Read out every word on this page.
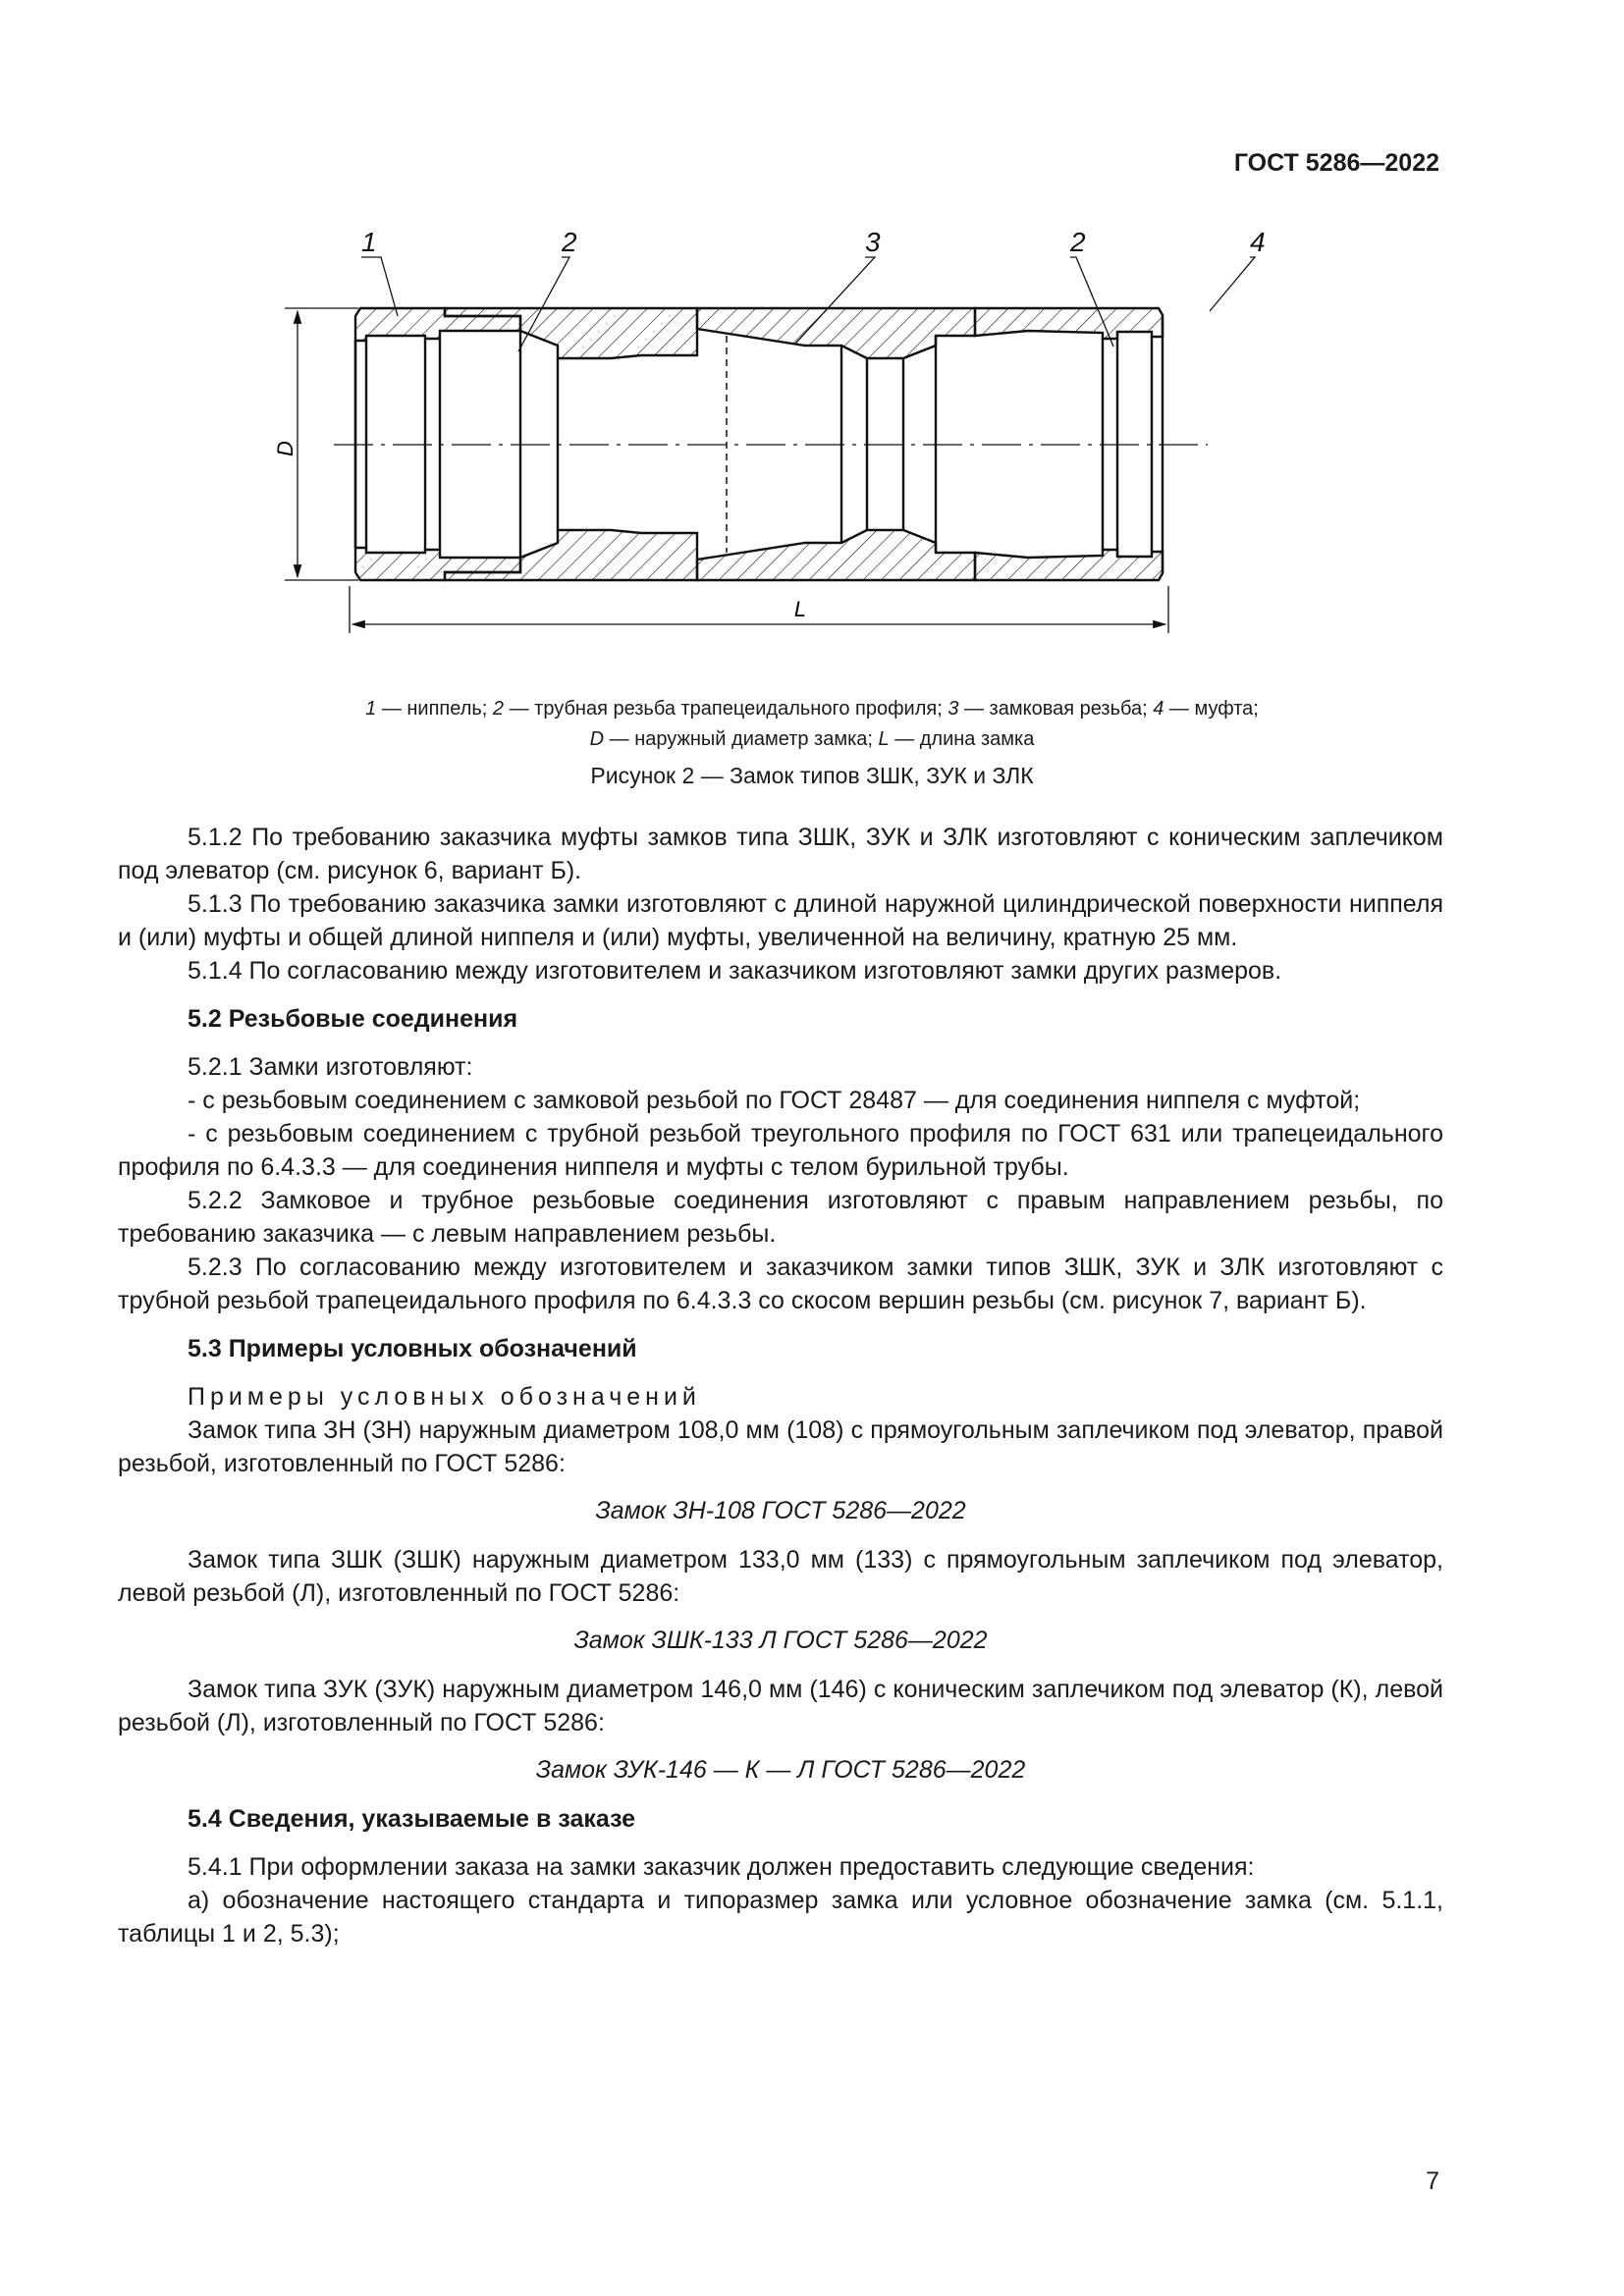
ГОСТ 5286—2022
D
L
1	2	3	2	4
1 — ниппель; 2 — трубная резьба трапецеидального профиля; 3 — замковая резьба; 4 — муфта;
D — наружный диаметр замка; L — длина замка
Рисунок 2 — Замок типов ЗШК, ЗУК и ЗЛК

5.1.2 По требованию заказчика муфты замков типа ЗШК, ЗУК и ЗЛК изготовляют с коническим заплечиком под элеватор (см. рисунок 6, вариант Б).

5.1.3 По требованию заказчика замки изготовляют с длиной наружной цилиндрической поверхности ниппеля и (или) муфты и общей длиной ниппеля и (или) муфты, увеличенной на величину, кратную 25 мм.

5.1.4 По согласованию между изготовителем и заказчиком изготовляют замки других размеров.

5.2 Резьбовые соединения

5.2.1 Замки изготовляют:

- с резьбовым соединением с замковой резьбой по ГОСТ 28487 — для соединения ниппеля с муфтой;

- с резьбовым соединением с трубной резьбой треугольного профиля по ГОСТ 631 или трапецеидального профиля по 6.4.3.3 — для соединения ниппеля и муфты с телом бурильной трубы.

5.2.2 Замковое и трубное резьбовые соединения изготовляют с правым направлением резьбы, по требованию заказчика — с левым направлением резьбы.

5.2.3 По согласованию между изготовителем и заказчиком замки типов ЗШК, ЗУК и ЗЛК изготовляют с трубной резьбой трапецеидального профиля по 6.4.3.3 со скосом вершин резьбы (см. рисунок 7, вариант Б).

5.3 Примеры условных обозначений

Примеры условных обозначений

Замок типа ЗН (ЗН) наружным диаметром 108,0 мм (108) с прямоугольным заплечиком под элеватор, правой резьбой, изготовленный по ГОСТ 5286:

Замок ЗН-108 ГОСТ 5286—2022

Замок типа ЗШК (ЗШК) наружным диаметром 133,0 мм (133) с прямоугольным заплечиком под элеватор, левой резьбой (Л), изготовленный по ГОСТ 5286:

Замок ЗШК-133 Л ГОСТ 5286—2022

Замок типа ЗУК (ЗУК) наружным диаметром 146,0 мм (146) с коническим заплечиком под элеватор (К), левой резьбой (Л), изготовленный по ГОСТ 5286:

Замок ЗУК-146 — К — Л ГОСТ 5286—2022

5.4 Сведения, указываемые в заказе

5.4.1 При оформлении заказа на замки заказчик должен предоставить следующие сведения:

а) обозначение настоящего стандарта и типоразмер замка или условное обозначение замка (см. 5.1.1, таблицы 1 и 2, 5.3);

7
